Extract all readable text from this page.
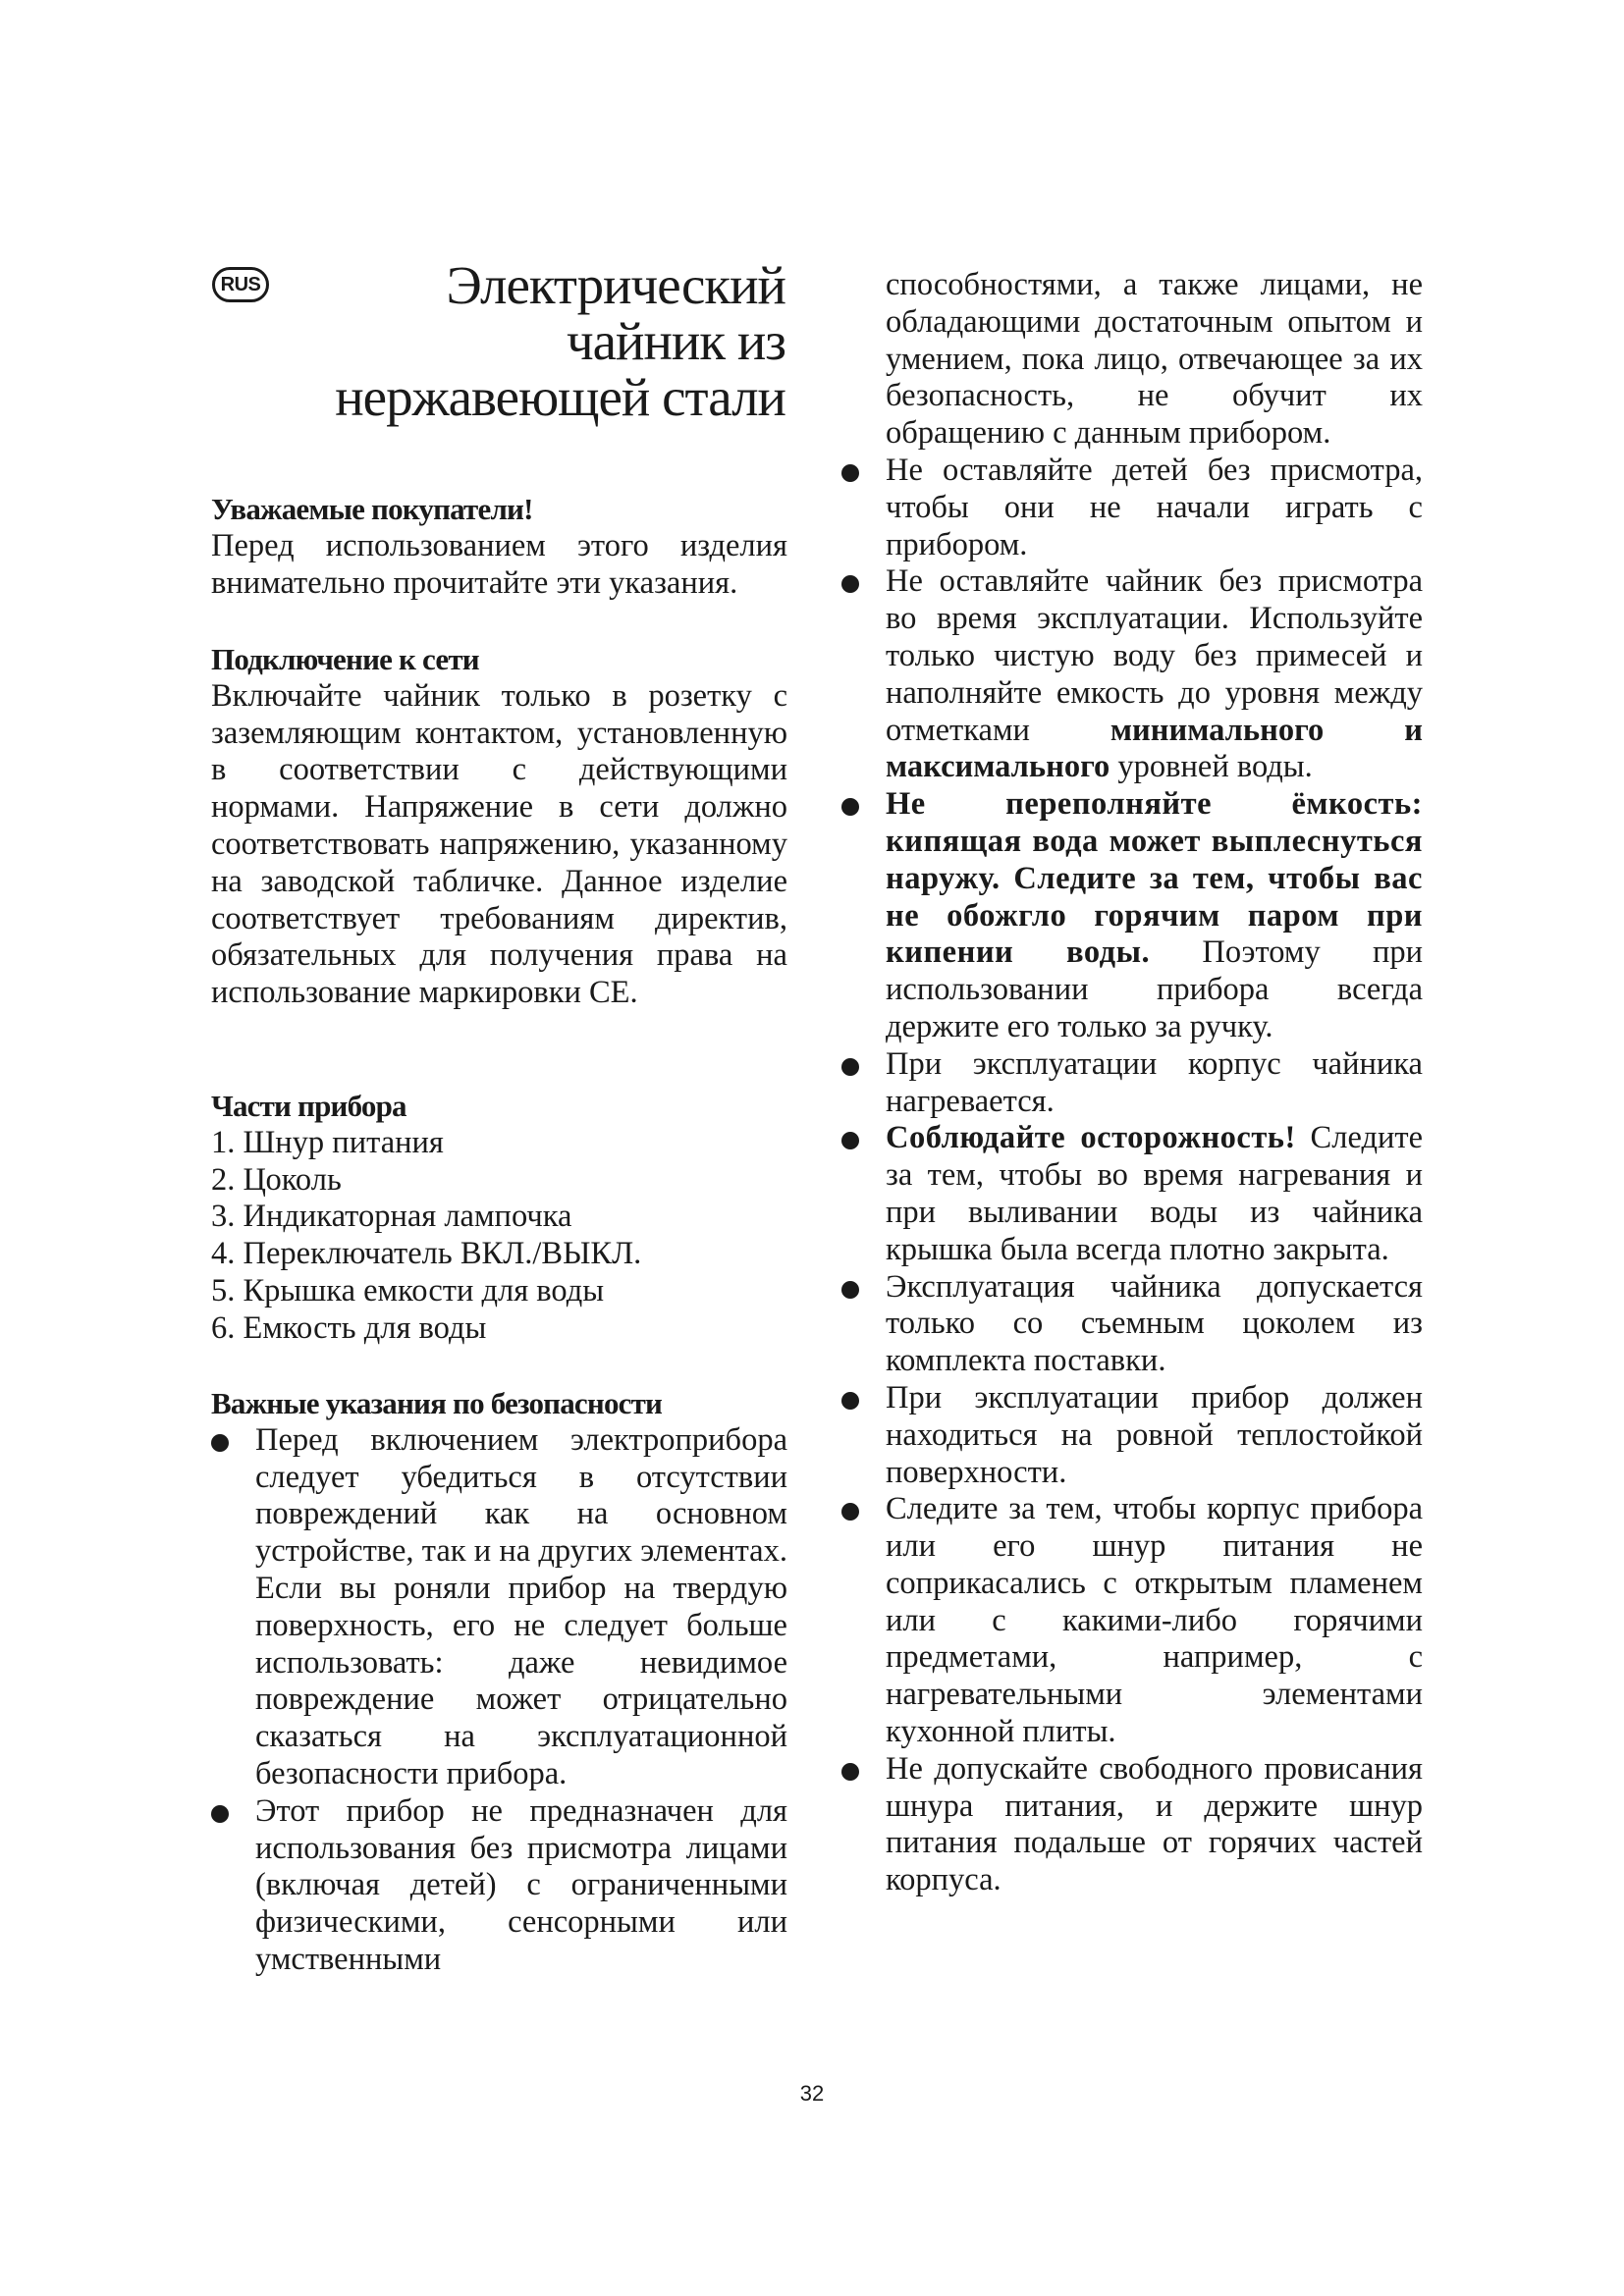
RUS	Электрический
чайник из
нержавеющей стали
Уважаемые покупатели!
Перед использованием этого изделия внимательно прочитайте эти указания.
Подключение к сети
Включайте чайник только в розетку с заземляющим контактом, установленную в соответствии с действующими нормами. Напряжение в сети должно соответствовать напряжению, указанному на заводской табличке. Данное изделие соответствует требованиям директив, обязательных для получения права на использование маркировки CE.
Части прибора
1. Шнур питания
2. Цоколь
3. Индикаторная лампочка
4. Переключатель ВКЛ./ВЫКЛ.
5. Крышка емкости для воды
6. Емкость для воды
Важные указания по безопасности
Перед включением электроприбора следует убедиться в отсутствии повреждений как на основном устройстве, так и на других элементах. Если вы роняли прибор на твердую поверхность, его не следует больше использовать: даже невидимое повреждение может отрицательно сказаться на эксплуатационной безопасности прибора.
Этот прибор не предназначен для использования без присмотра лицами (включая детей) с ограниченными физическими, сенсорными или умственными
способностями, а также лицами, не обладающими достаточным опытом и умением, пока лицо, отвечающее за их безопасность, не обучит их обращению с данным прибором.
Не оставляйте детей без присмотра, чтобы они не начали играть с прибором.
Не оставляйте чайник без присмотра во время эксплуатации. Используйте только чистую воду без примесей и наполняйте емкость до уровня между отметками минимального и максимального уровней воды.
Не переполняйте ёмкость: кипящая вода может выплеснуться наружу. Следите за тем, чтобы вас не обожгло горячим паром при кипении воды. Поэтому при использовании прибора всегда держите его только за ручку.
При эксплуатации корпус чайника нагревается.
Соблюдайте осторожность! Следите за тем, чтобы во время нагревания и при выливании воды из чайника крышка была всегда плотно закрыта.
Эксплуатация чайника допускается только со съемным цоколем из комплекта поставки.
При эксплуатации прибор должен находиться на ровной теплостойкой поверхности.
Следите за тем, чтобы корпус прибора или его шнур питания не соприкасались с открытым пламенем или с какими-либо горячими предметами, например, с нагревательными элементами кухонной плиты.
Не допускайте свободного провисания шнура питания, и держите шнур питания подальше от горячих частей корпуса.
32
